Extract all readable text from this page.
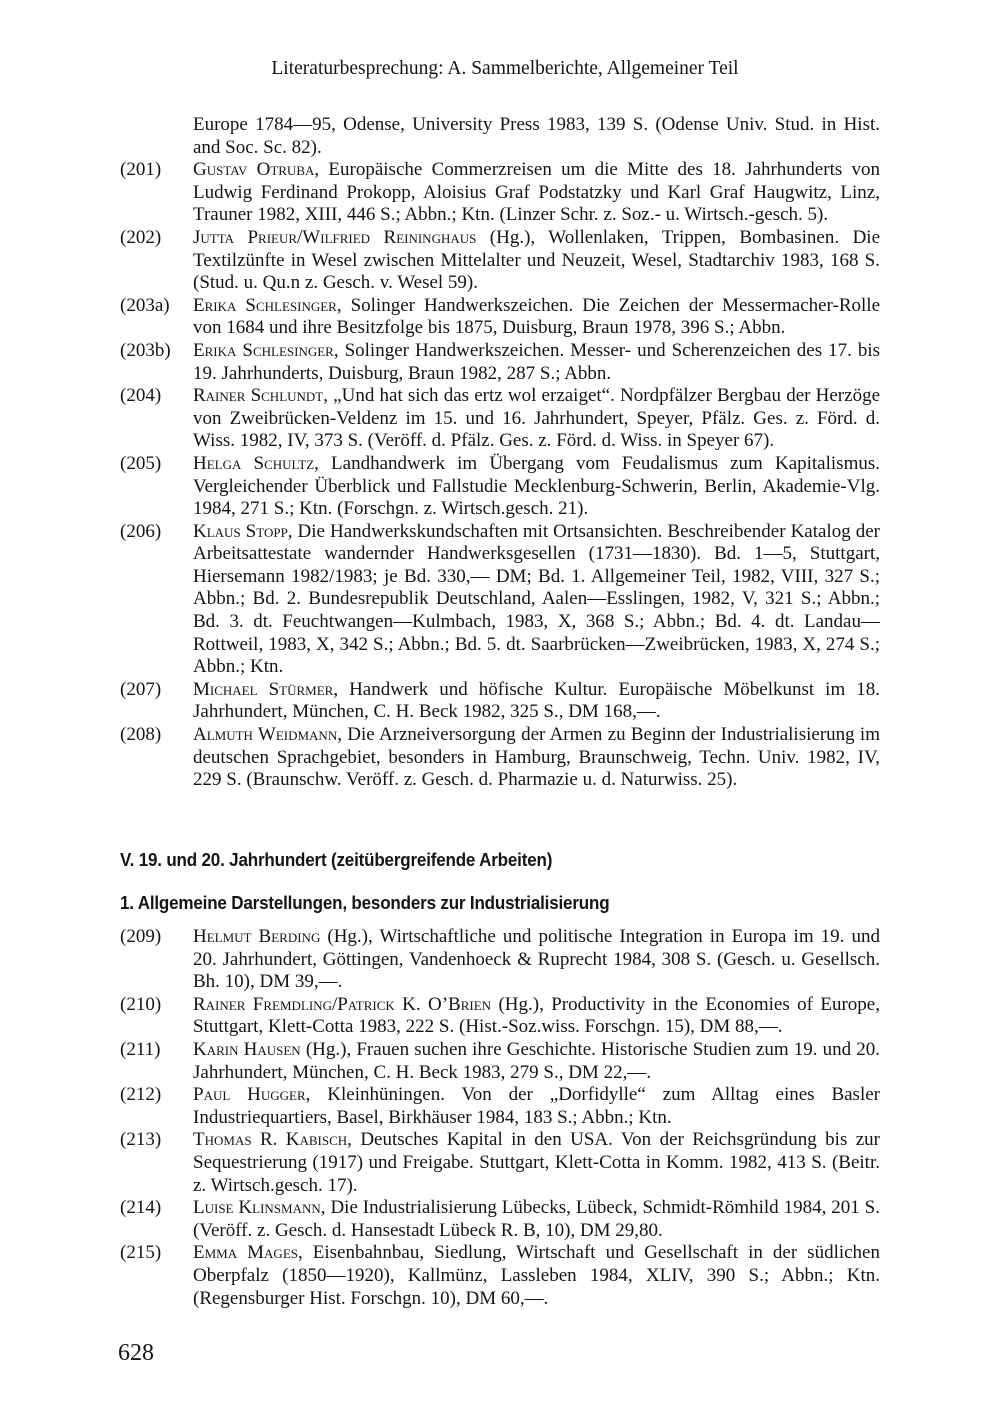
Literaturbesprechung: A. Sammelberichte, Allgemeiner Teil
Europe 1784—95, Odense, University Press 1983, 139 S. (Odense Univ. Stud. in Hist. and Soc. Sc. 82).
(201) Gustav Otruba, Europäische Commerzreisen um die Mitte des 18. Jahrhunderts von Ludwig Ferdinand Prokopp, Aloisius Graf Podstatzky und Karl Graf Haugwitz, Linz, Trauner 1982, XIII, 446 S.; Abbn.; Ktn. (Linzer Schr. z. Soz.- u. Wirtsch.-gesch. 5).
(202) Jutta Prieur/Wilfried Reininghaus (Hg.), Wollenlaken, Trippen, Bombasinen. Die Textilzünfte in Wesel zwischen Mittelalter und Neuzeit, Wesel, Stadtarchiv 1983, 168 S. (Stud. u. Qu.n z. Gesch. v. Wesel 59).
(203a) Erika Schlesinger, Solinger Handwerkszeichen. Die Zeichen der Messermacher-Rolle von 1684 und ihre Besitzfolge bis 1875, Duisburg, Braun 1978, 396 S.; Abbn.
(203b) Erika Schlesinger, Solinger Handwerkszeichen. Messer- und Scherenzeichen des 17. bis 19. Jahrhunderts, Duisburg, Braun 1982, 287 S.; Abbn.
(204) Rainer Schlundt, „Und hat sich das ertz wol erzaiget“. Nordpfälzer Bergbau der Herzöge von Zweibrücken-Veldenz im 15. und 16. Jahrhundert, Speyer, Pfälz. Ges. z. Förd. d. Wiss. 1982, IV, 373 S. (Veröff. d. Pfälz. Ges. z. Förd. d. Wiss. in Speyer 67).
(205) Helga Schultz, Landhandwerk im Übergang vom Feudalismus zum Kapitalismus. Vergleichender Überblick und Fallstudie Mecklenburg-Schwerin, Berlin, Akademie-Vlg. 1984, 271 S.; Ktn. (Forschgn. z. Wirtsch.gesch. 21).
(206) Klaus Stopp, Die Handwerkskundschaften mit Ortsansichten. Beschreibender Katalog der Arbeitsattestate wandernder Handwerksgesellen (1731—1830). Bd. 1—5, Stuttgart, Hiersemann 1982/1983; je Bd. 330,— DM; Bd. 1. Allgemeiner Teil, 1982, VIII, 327 S.; Abbn.; Bd. 2. Bundesrepublik Deutschland, Aalen—Esslingen, 1982, V, 321 S.; Abbn.; Bd. 3. dt. Feuchtwangen—Kulmbach, 1983, X, 368 S.; Abbn.; Bd. 4. dt. Landau—Rottweil, 1983, X, 342 S.; Abbn.; Bd. 5. dt. Saarbrücken—Zweibrücken, 1983, X, 274 S.; Abbn.; Ktn.
(207) Michael Stürmer, Handwerk und höfische Kultur. Europäische Möbelkunst im 18. Jahrhundert, München, C. H. Beck 1982, 325 S., DM 168,—.
(208) Almuth Weidmann, Die Arzneiversorgung der Armen zu Beginn der Industrialisierung im deutschen Sprachgebiet, besonders in Hamburg, Braunschweig, Techn. Univ. 1982, IV, 229 S. (Braunschw. Veröff. z. Gesch. d. Pharmazie u. d. Naturwiss. 25).
V. 19. und 20. Jahrhundert (zeitübergreifende Arbeiten)
1. Allgemeine Darstellungen, besonders zur Industrialisierung
(209) Helmut Berding (Hg.), Wirtschaftliche und politische Integration in Europa im 19. und 20. Jahrhundert, Göttingen, Vandenhoeck & Ruprecht 1984, 308 S. (Gesch. u. Gesellsch. Bh. 10), DM 39,—.
(210) Rainer Fremdling/Patrick K. O’Brien (Hg.), Productivity in the Economies of Europe, Stuttgart, Klett-Cotta 1983, 222 S. (Hist.-Soz.wiss. Forschgn. 15), DM 88,—.
(211) Karin Hausen (Hg.), Frauen suchen ihre Geschichte. Historische Studien zum 19. und 20. Jahrhundert, München, C. H. Beck 1983, 279 S., DM 22,—.
(212) Paul Hugger, Kleinhüningen. Von der „Dorfidylle“ zum Alltag eines Basler Industriequartiers, Basel, Birkhäuser 1984, 183 S.; Abbn.; Ktn.
(213) Thomas R. Kabisch, Deutsches Kapital in den USA. Von der Reichsgründung bis zur Sequestrierung (1917) und Freigabe. Stuttgart, Klett-Cotta in Komm. 1982, 413 S. (Beitr. z. Wirtsch.gesch. 17).
(214) Luise Klinsmann, Die Industrialisierung Lübecks, Lübeck, Schmidt-Römhild 1984, 201 S. (Veröff. z. Gesch. d. Hansestadt Lübeck R. B, 10), DM 29,80.
(215) Emma Mages, Eisenbahnbau, Siedlung, Wirtschaft und Gesellschaft in der südlichen Oberpfalz (1850—1920), Kallmünz, Lassleben 1984, XLIV, 390 S.; Abbn.; Ktn. (Regensburger Hist. Forschgn. 10), DM 60,—.
628
